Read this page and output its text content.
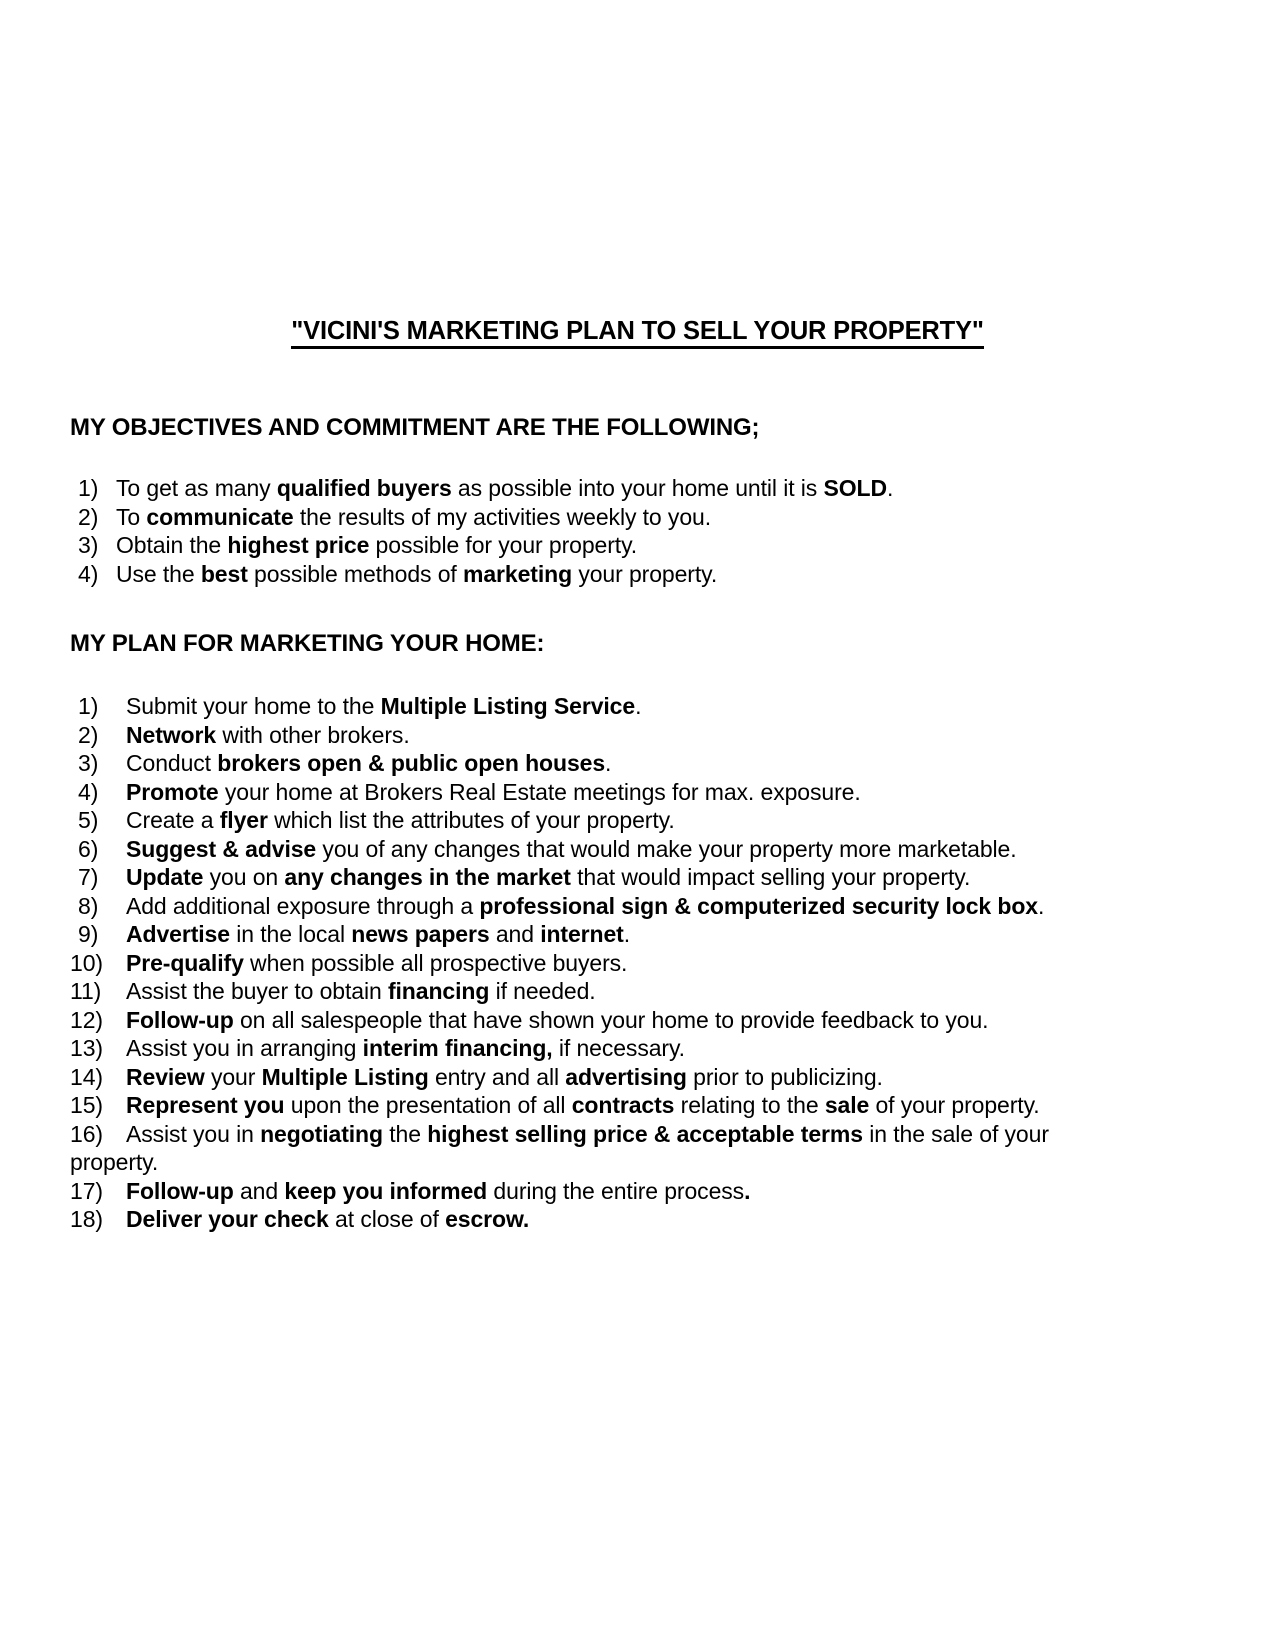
"VICINI'S MARKETING PLAN TO SELL YOUR PROPERTY"
MY OBJECTIVES AND COMMITMENT ARE THE FOLLOWING;
1) To get as many qualified buyers as possible into your home until it is SOLD.
2) To communicate the results of my activities weekly to you.
3) Obtain the highest price possible for your property.
4) Use the best possible methods of marketing your property.
MY PLAN FOR MARKETING YOUR HOME:
1)	Submit your home to the Multiple Listing Service.
2)	Network with other brokers.
3)	Conduct brokers open & public open houses.
4)	Promote your home at Brokers Real Estate meetings for max. exposure.
5)	Create a flyer which list the attributes of your property.
6)	Suggest & advise you of any changes that would make your property more marketable.
7)	Update you on any changes in the market that would impact selling your property.
8)	Add additional exposure through a professional sign & computerized security lock box.
9)	Advertise in the local news papers and internet.
10)	Pre-qualify when possible all prospective buyers.
11)	Assist the buyer to obtain financing if needed.
12)	Follow-up on all salespeople that have shown your home to provide feedback to you.
13)	Assist you in arranging interim financing, if necessary.
14)	Review your Multiple Listing entry and all advertising prior to publicizing.
15)	Represent you upon the presentation of all contracts relating to the sale of your property.
16)	Assist you in negotiating the highest selling price & acceptable terms in the sale of your
property.
17)	Follow-up and keep you informed during the entire process.
18)	Deliver your check at close of escrow.
